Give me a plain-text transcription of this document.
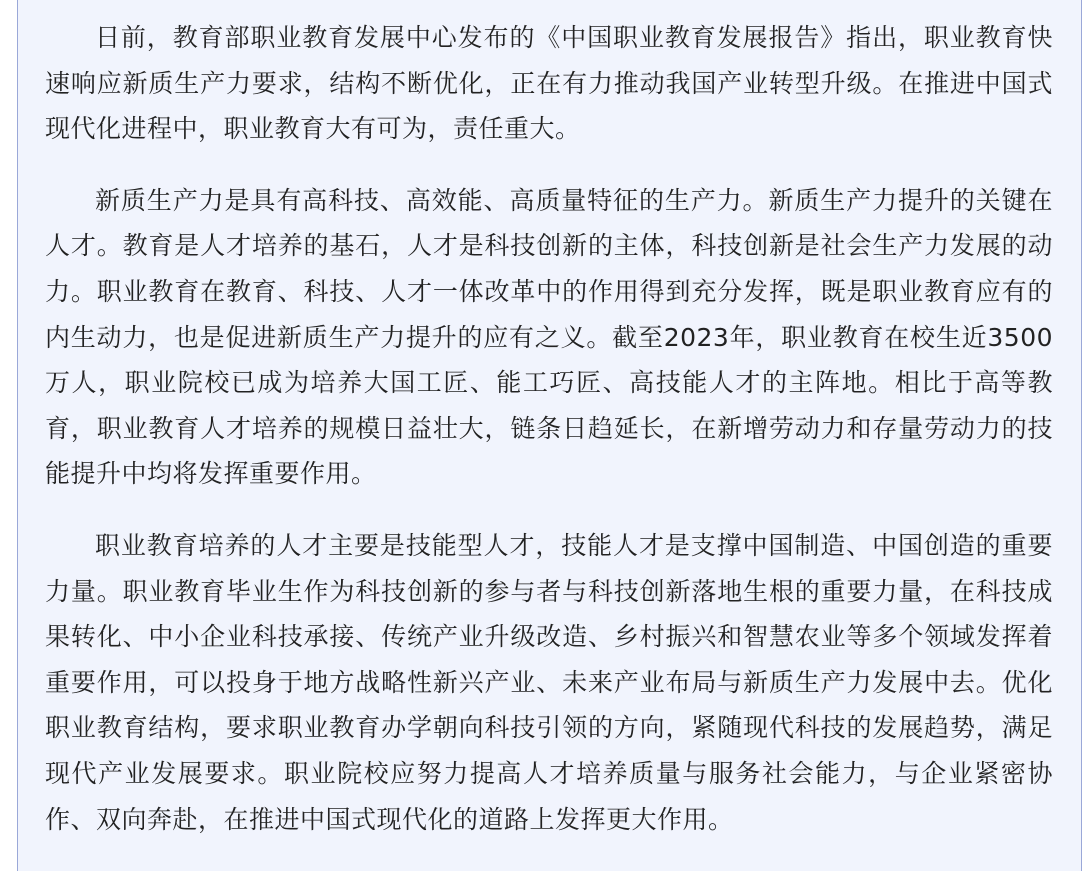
日前，教育部职业教育发展中心发布的《中国职业教育发展报告》指出，职业教育快速响应新质生产力要求，结构不断优化，正在有力推动我国产业转型升级。在推进中国式现代化进程中，职业教育大有可为，责任重大。

新质生产力是具有高科技、高效能、高质量特征的生产力。新质生产力提升的关键在人才。教育是人才培养的基石，人才是科技创新的主体，科技创新是社会生产力发展的动力。职业教育在教育、科技、人才一体改革中的作用得到充分发挥，既是职业教育应有的内生动力，也是促进新质生产力提升的应有之义。截至2023年，职业教育在校生近3500万人，职业院校已成为培养大国工匠、能工巧匠、高技能人才的主阵地。相比于高等教育，职业教育人才培养的规模日益壮大，链条日趋延长，在新增劳动力和存量劳动力的技能提升中均将发挥重要作用。

职业教育培养的人才主要是技能型人才，技能人才是支撑中国制造、中国创造的重要力量。职业教育毕业生作为科技创新的参与者与科技创新落地生根的重要力量，在科技成果转化、中小企业科技承接、传统产业升级改造、乡村振兴和智慧农业等多个领域发挥着重要作用，可以投身于地方战略性新兴产业、未来产业布局与新质生产力发展中去。优化职业教育结构，要求职业教育办学朝向科技引领的方向，紧随现代科技的发展趋势，满足现代产业发展要求。职业院校应努力提高人才培养质量与服务社会能力，与企业紧密协作、双向奔赴，在推进中国式现代化的道路上发挥更大作用。
